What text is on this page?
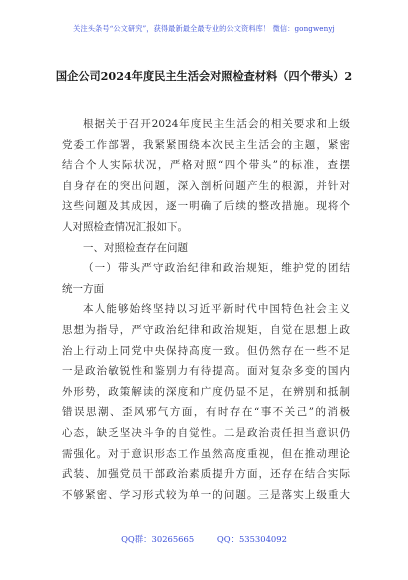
关注头条号“公文研究”，获得最新最全最专业的公文资料库！ 微信：gongwenyj
国企公司2024年度民主生活会对照检查材料（四个带头）2
根据关于召开2024年度民主生活会的相关要求和上级
党委工作部署，我紧紧围绕本次民主生活会的主题，紧密
结合个人实际状况，严格对照“四个带头”的标准，查摆
自身存在的突出问题，深入剖析问题产生的根源，并针对
这些问题及其成因，逐一明确了后续的整改措施。现将个
人对照检查情况汇报如下。
一、对照检查存在问题
（一）带头严守政治纪律和政治规矩，维护党的团结
统一方面
本人能够始终坚持以习近平新时代中国特色社会主义
思想为指导，严守政治纪律和政治规矩，自觉在思想上政
治上行动上同党中央保持高度一致。但仍然存在一些不足
一是政治敏锐性和鉴别力有待提高。面对复杂多变的国内
外形势，政策解读的深度和广度仍显不足，在辨别和抵制
错误思潮、歪风邪气方面，有时存在“事不关己”的消极
心态，缺乏坚决斗争的自觉性。二是政治责任担当意识仍
需强化。对于意识形态工作虽然高度重视，但在推动理论
武装、加强党员干部政治素质提升方面，还存在结合实际
不够紧密、学习形式较为单一的问题。三是落实上级重大
QQ群：30265665	QQ：535304092
